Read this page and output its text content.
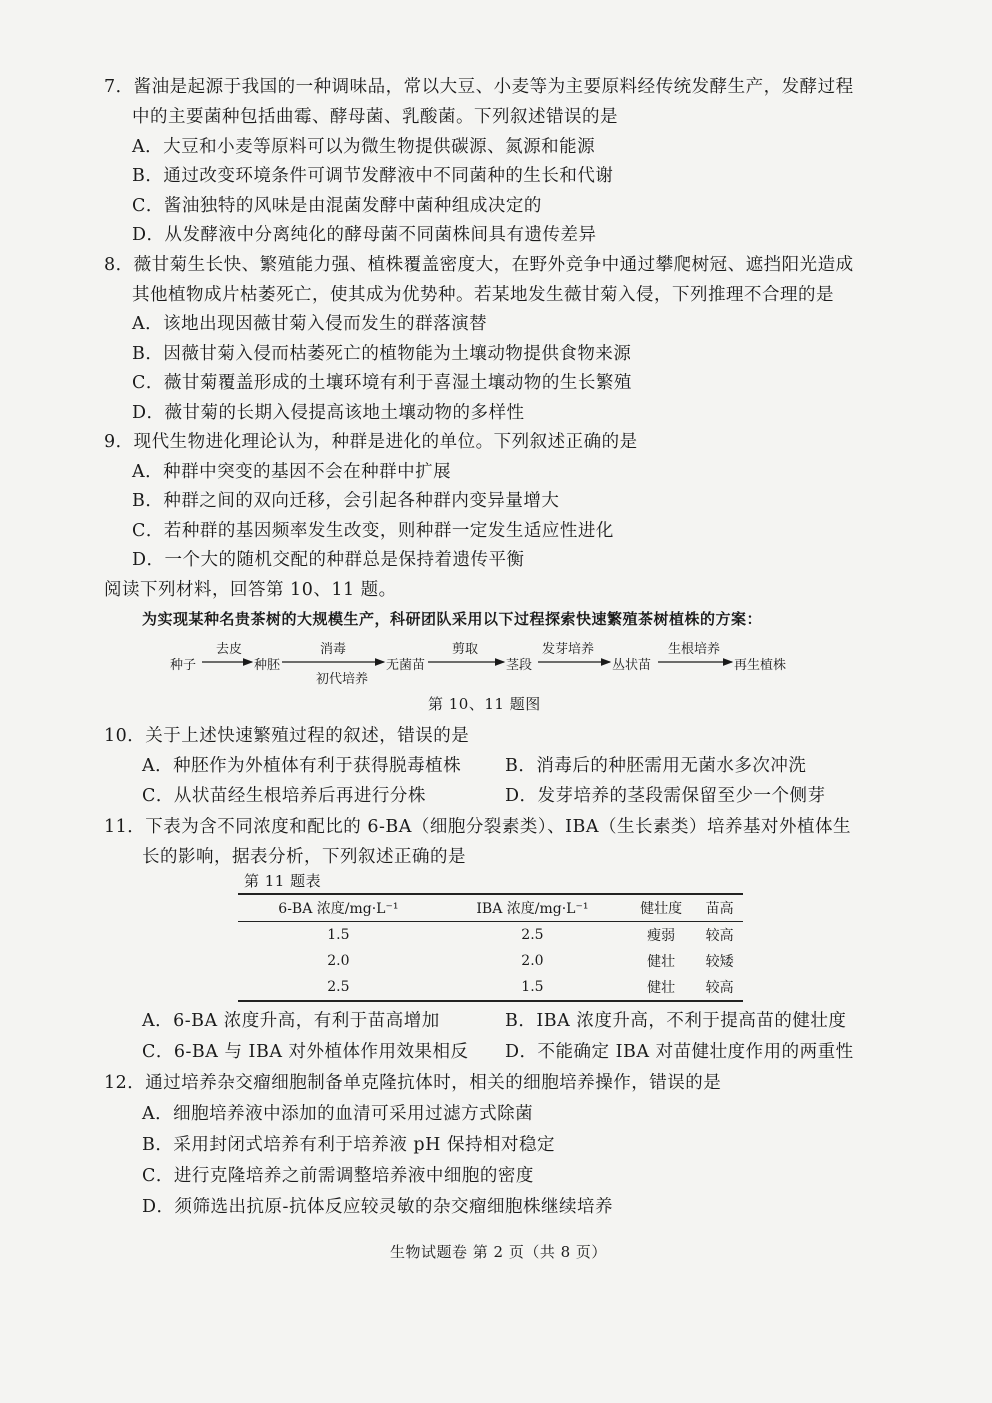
7．酱油是起源于我国的一种调味品，常以大豆、小麦等为主要原料经传统发酵生产，发酵过程
中的主要菌种包括曲霉、酵母菌、乳酸菌。下列叙述错误的是
A．大豆和小麦等原料可以为微生物提供碳源、氮源和能源
B．通过改变环境条件可调节发酵液中不同菌种的生长和代谢
C．酱油独特的风味是由混菌发酵中菌种组成决定的
D．从发酵液中分离纯化的酵母菌不同菌株间具有遗传差异
8．薇甘菊生长快、繁殖能力强、植株覆盖密度大，在野外竞争中通过攀爬树冠、遮挡阳光造成
其他植物成片枯萎死亡，使其成为优势种。若某地发生薇甘菊入侵，下列推理不合理的是
A．该地出现因薇甘菊入侵而发生的群落演替
B．因薇甘菊入侵而枯萎死亡的植物能为土壤动物提供食物来源
C．薇甘菊覆盖形成的土壤环境有利于喜湿土壤动物的生长繁殖
D．薇甘菊的长期入侵提高该地土壤动物的多样性
9．现代生物进化理论认为，种群是进化的单位。下列叙述正确的是
A．种群中突变的基因不会在种群中扩展
B．种群之间的双向迁移，会引起各种群内变异量增大
C．若种群的基因频率发生改变，则种群一定发生适应性进化
D．一个大的随机交配的种群总是保持着遗传平衡
阅读下列材料，回答第 10、11 题。
为实现某种名贵茶树的大规模生产，科研团队采用以下过程探索快速繁殖茶树植株的方案：
种子
去皮
种胚
消毒
初代培养
无菌苗
剪取
茎段
发芽培养
丛状苗
生根培养
再生植株
第 10、11 题图
10．关于上述快速繁殖过程的叙述，错误的是
A．种胚作为外植体有利于获得脱毒植株	B．消毒后的种胚需用无菌水多次冲洗
C．从状苗经生根培养后再进行分株	D．发芽培养的茎段需保留至少一个侧芽
11．下表为含不同浓度和配比的 6-BA（细胞分裂素类）、IBA（生长素类）培养基对外植体生
长的影响，据表分析，下列叙述正确的是
第 11 题表
6-BA 浓度/mg·L⁻¹	IBA 浓度/mg·L⁻¹	健壮度	苗高
1.5	2.5	瘦弱	较高
2.0	2.0	健壮	较矮
2.5	1.5	健壮	较高
A．6-BA 浓度升高，有利于苗高增加	B．IBA 浓度升高，不利于提高苗的健壮度
C．6-BA 与 IBA 对外植体作用效果相反 D．不能确定 IBA 对苗健壮度作用的两重性
12．通过培养杂交瘤细胞制备单克隆抗体时，相关的细胞培养操作，错误的是
A．细胞培养液中添加的血清可采用过滤方式除菌
B．采用封闭式培养有利于培养液 pH 保持相对稳定
C．进行克隆培养之前需调整培养液中细胞的密度
D．须筛选出抗原-抗体反应较灵敏的杂交瘤细胞株继续培养
生物试题卷 第 2 页（共 8 页）
